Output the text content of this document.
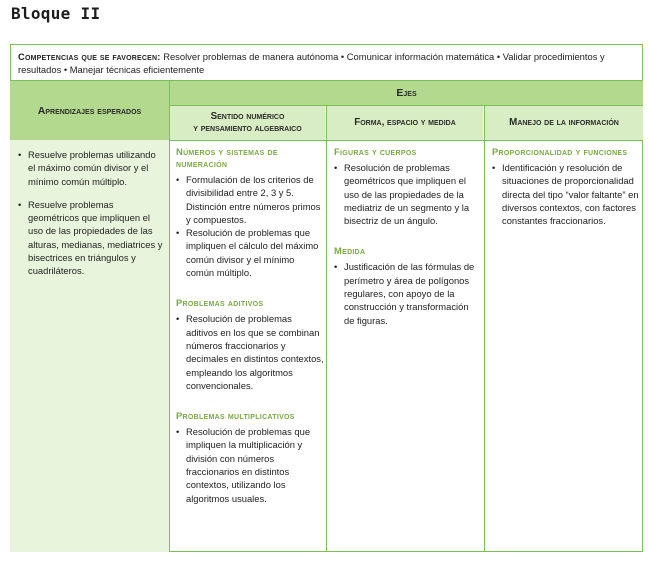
Bloque II
Competencias que se favorecen: Resolver problemas de manera autónoma • Comunicar información matemática • Validar procedimientos y resultados • Manejar técnicas eficientemente
Aprendizajes esperados
Ejes
Sentido numérico
y pensamiento algebraico
Forma, espacio y medida	Manejo de la información
• Resuelve problemas utilizando el máximo común divisor y el mínimo común múltiplo.
• Resuelve problemas geométricos que impliquen el uso de las propiedades de las alturas, medianas, mediatrices y bisectrices en triángulos y cuadriláteros.
Números y sistemas de numeración
• Formulación de los criterios de divisibilidad entre 2, 3 y 5. Distinción entre números primos y compuestos.
• Resolución de problemas que impliquen el cálculo del máximo común divisor y el mínimo común múltiplo.
Problemas aditivos
• Resolución de problemas aditivos en los que se combinan números fraccionarios y decimales en distintos contextos, empleando los algoritmos convencionales.
Problemas multiplicativos
• Resolución de problemas que impliquen la multiplicación y división con números fraccionarios en distintos contextos, utilizando los algoritmos usuales.
Figuras y cuerpos
• Resolución de problemas geométricos que impliquen el uso de las propiedades de la mediatriz de un segmento y la bisectriz de un ángulo.
Medida
• Justificación de las fórmulas de perímetro y área de polígonos regulares, con apoyo de la construcción y transformación de figuras.
Proporcionalidad y funciones
• Identificación y resolución de situaciones de proporcionalidad directa del tipo “valor faltante” en diversos contextos, con factores constantes fraccionarios.
